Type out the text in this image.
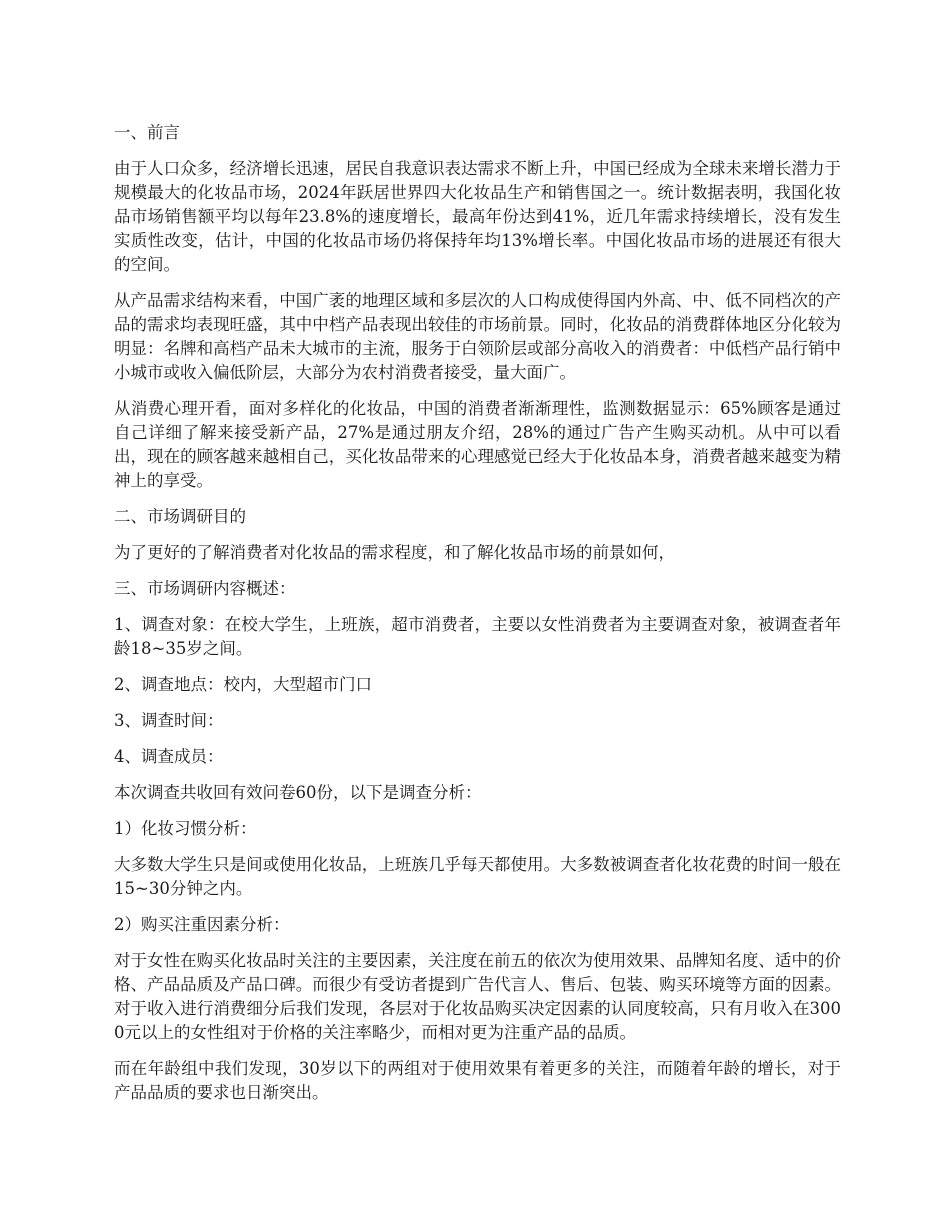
一、前言

由于人口众多，经济增长迅速，居民自我意识表达需求不断上升，中国已经成为全球未来增长潜力于规模最大的化妆品市场，2024年跃居世界四大化妆品生产和销售国之一。统计数据表明，我国化妆品市场销售额平均以每年23.8%的速度增长，最高年份达到41%，近几年需求持续增长，没有发生实质性改变，估计，中国的化妆品市场仍将保持年均13%增长率。中国化妆品市场的进展还有很大的空间。

从产品需求结构来看，中国广袤的地理区域和多层次的人口构成使得国内外高、中、低不同档次的产品的需求均表现旺盛，其中中档产品表现出较佳的市场前景。同时，化妆品的消费群体地区分化较为明显：名牌和高档产品未大城市的主流，服务于白领阶层或部分高收入的消费者：中低档产品行销中小城市或收入偏低阶层，大部分为农村消费者接受，量大面广。

从消费心理开看，面对多样化的化妆品，中国的消费者渐渐理性，监测数据显示：65%顾客是通过自己详细了解来接受新产品，27%是通过朋友介绍，28%的通过广告产生购买动机。从中可以看出，现在的顾客越来越相自己，买化妆品带来的心理感觉已经大于化妆品本身，消费者越来越变为精神上的享受。

二、市场调研目的

为了更好的了解消费者对化妆品的需求程度，和了解化妆品市场的前景如何，

三、市场调研内容概述：

1、调查对象：在校大学生，上班族，超市消费者，主要以女性消费者为主要调查对象，被调查者年龄18~35岁之间。

2、调查地点：校内，大型超市门口

3、调查时间：

4、调查成员：

本次调查共收回有效问卷60份，以下是调查分析：

1）化妆习惯分析：

大多数大学生只是间或使用化妆品，上班族几乎每天都使用。大多数被调查者化妆花费的时间一般在15~30分钟之内。

2）购买注重因素分析：

对于女性在购买化妆品时关注的主要因素，关注度在前五的依次为使用效果、品牌知名度、适中的价格、产品品质及产品口碑。而很少有受访者提到广告代言人、售后、包装、购买环境等方面的因素。对于收入进行消费细分后我们发现，各层对于化妆品购买决定因素的认同度较高，只有月收入在3000元以上的女性组对于价格的关注率略少，而相对更为注重产品的品质。

而在年龄组中我们发现，30岁以下的两组对于使用效果有着更多的关注，而随着年龄的增长，对于产品品质的要求也日渐突出。
